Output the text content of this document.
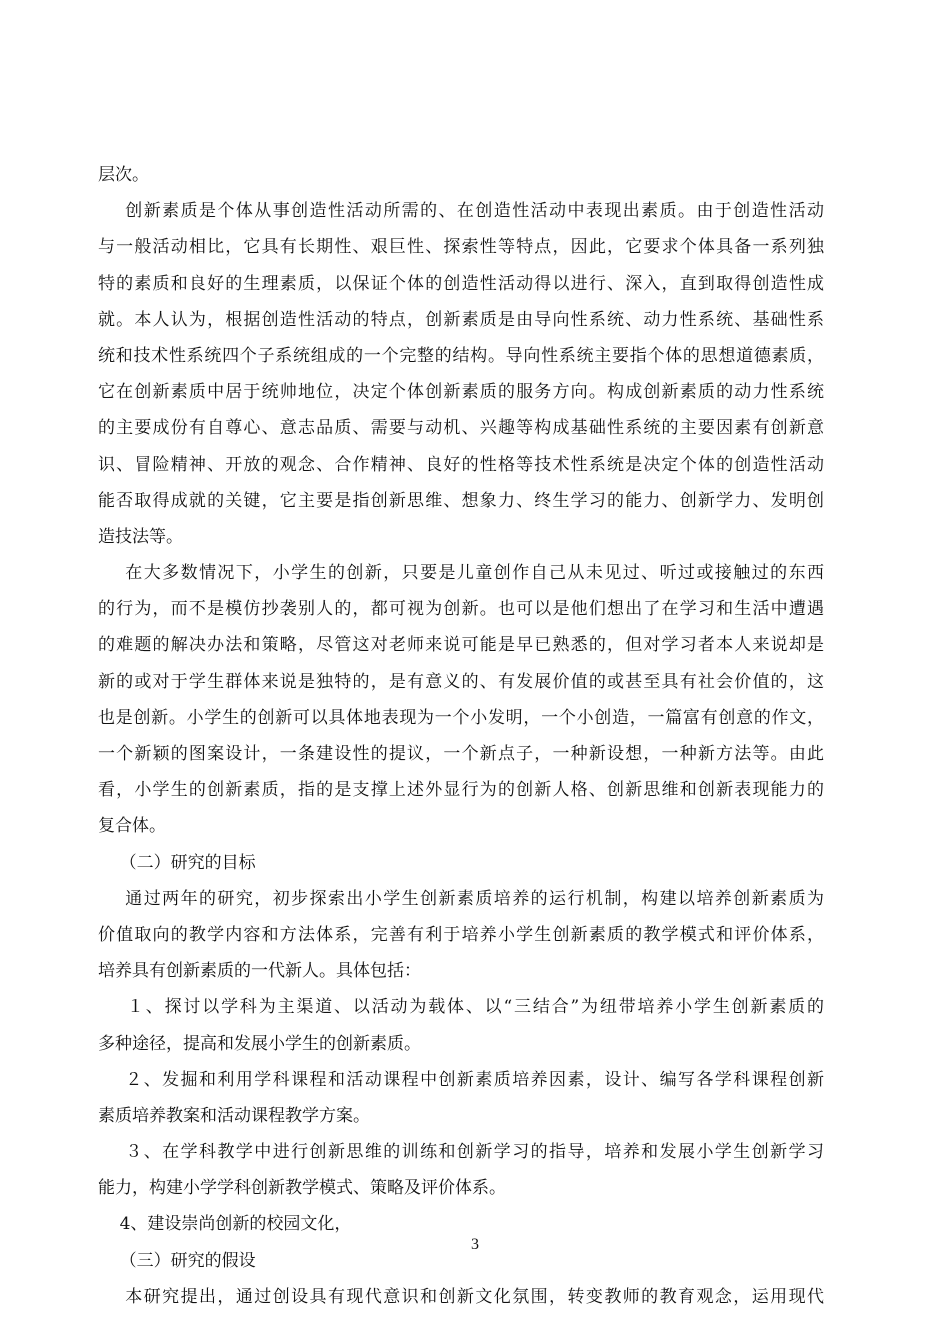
层次。
创新素质是个体从事创造性活动所需的、在创造性活动中表现出素质。由于创造性活动
与一般活动相比，它具有长期性、艰巨性、探索性等特点，因此，它要求个体具备一系列独
特的素质和良好的生理素质，以保证个体的创造性活动得以进行、深入，直到取得创造性成
就。本人认为，根据创造性活动的特点，创新素质是由导向性系统、动力性系统、基础性系
统和技术性系统四个子系统组成的一个完整的结构。导向性系统主要指个体的思想道德素质，
它在创新素质中居于统帅地位，决定个体创新素质的服务方向。构成创新素质的动力性系统
的主要成份有自尊心、意志品质、需要与动机、兴趣等构成基础性系统的主要因素有创新意
识、冒险精神、开放的观念、合作精神、良好的性格等技术性系统是决定个体的创造性活动
能否取得成就的关键，它主要是指创新思维、想象力、终生学习的能力、创新学力、发明创
造技法等。
在大多数情况下，小学生的创新，只要是儿童创作自己从未见过、听过或接触过的东西
的行为，而不是模仿抄袭别人的，都可视为创新。也可以是他们想出了在学习和生活中遭遇
的难题的解决办法和策略，尽管这对老师来说可能是早已熟悉的，但对学习者本人来说却是
新的或对于学生群体来说是独特的，是有意义的、有发展价值的或甚至具有社会价值的，这
也是创新。小学生的创新可以具体地表现为一个小发明，一个小创造，一篇富有创意的作文，
一个新颖的图案设计，一条建设性的提议，一个新点子，一种新设想，一种新方法等。由此
看，小学生的创新素质，指的是支撑上述外显行为的创新人格、创新思维和创新表现能力的
复合体。
（二）研究的目标
通过两年的研究，初步探索出小学生创新素质培养的运行机制，构建以培养创新素质为
价值取向的教学内容和方法体系，完善有利于培养小学生创新素质的教学模式和评价体系，
培养具有创新素质的一代新人。具体包括：
１、探讨以学科为主渠道、以活动为载体、以“三结合”为纽带培养小学生创新素质的
多种途径，提高和发展小学生的创新素质。
２、发掘和利用学科课程和活动课程中创新素质培养因素，设计、编写各学科课程创新
素质培养教案和活动课程教学方案。
３、在学科教学中进行创新思维的训练和创新学习的指导，培养和发展小学生创新学习
能力，构建小学学科创新教学模式、策略及评价体系。
4、建设崇尚创新的校园文化，
（三）研究的假设
本研究提出，通过创设具有现代意识和创新文化氛围，转变教师的教育观念，运用现代
3
